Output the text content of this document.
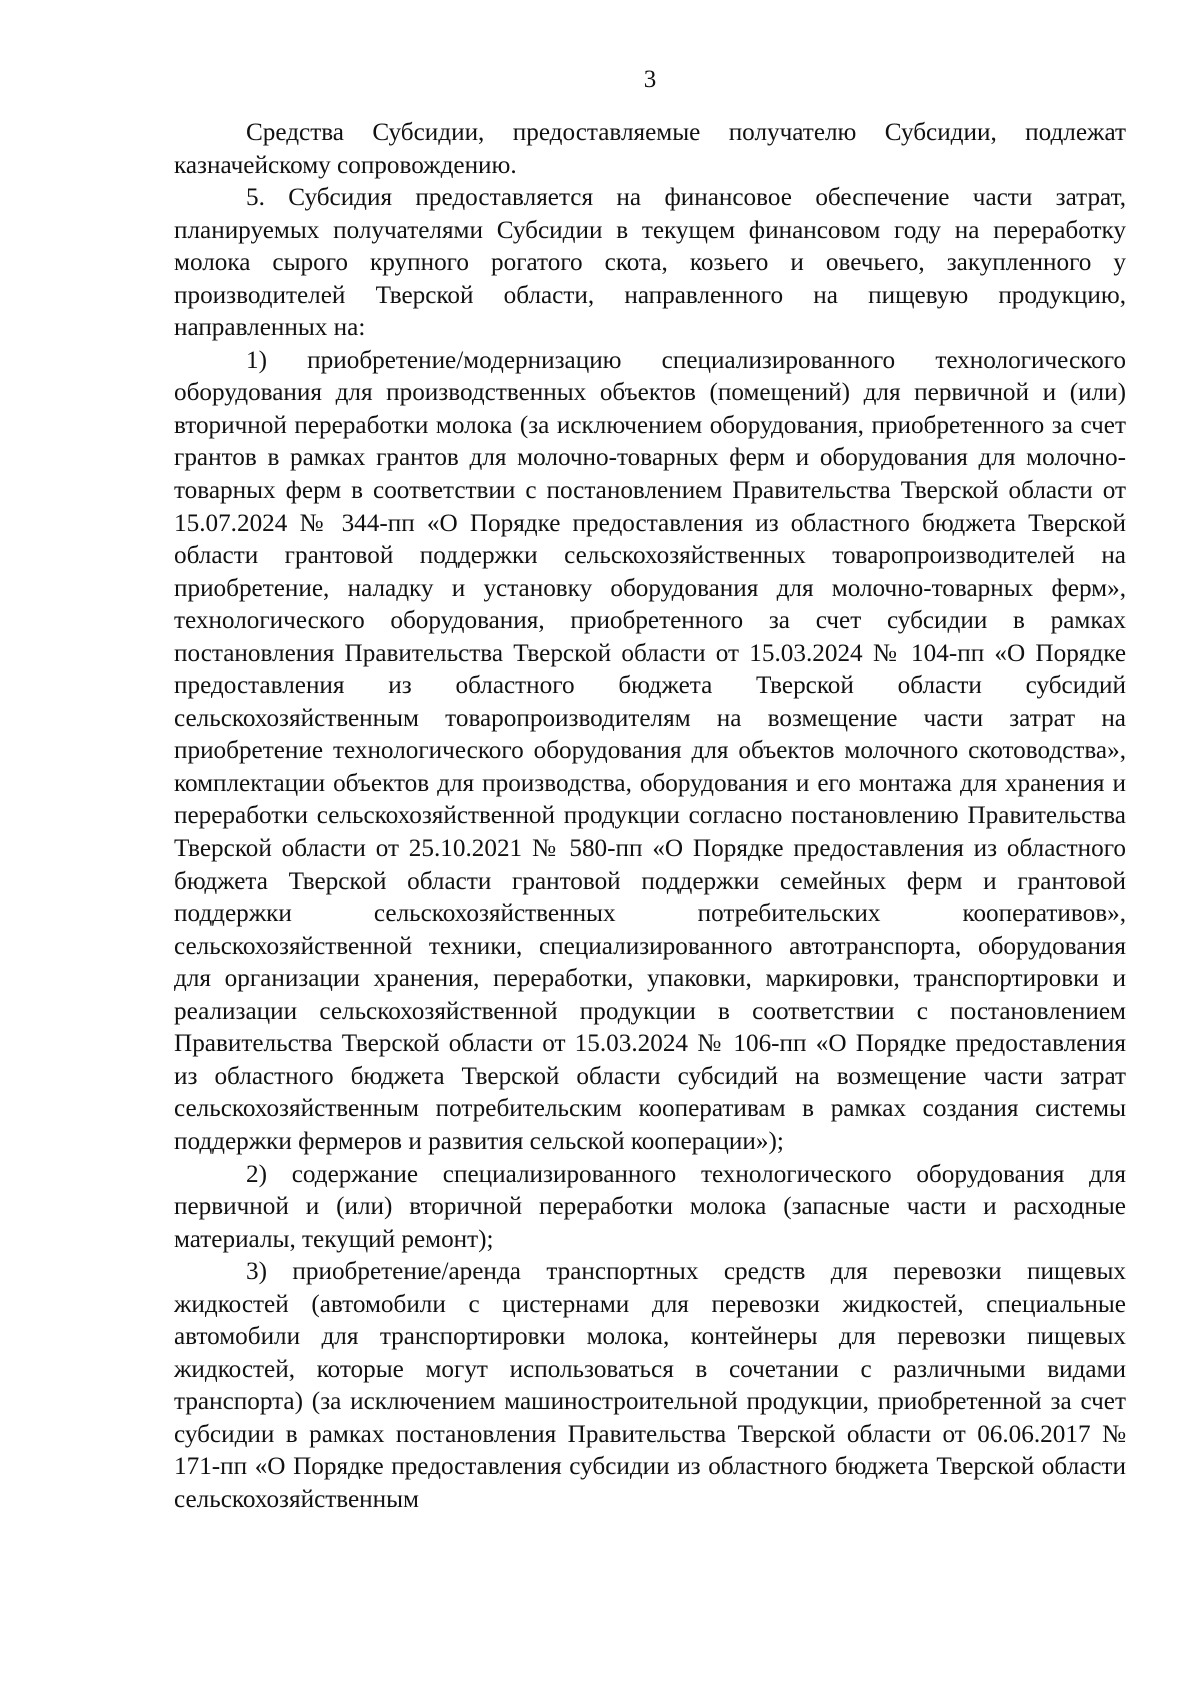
3

Средства Субсидии, предоставляемые получателю Субсидии, подлежат казначейскому сопровождению.

5. Субсидия предоставляется на финансовое обеспечение части затрат, планируемых получателями Субсидии в текущем финансовом году на переработку молока сырого крупного рогатого скота, козьего и овечьего, закупленного у производителей Тверской области, направленного на пищевую продукцию, направленных на:

1) приобретение/модернизацию специализированного технологического оборудования для производственных объектов (помещений) для первичной и (или) вторичной переработки молока (за исключением оборудования, приобретенного за счет грантов в рамках грантов для молочно-товарных ферм и оборудования для молочно-товарных ферм в соответствии с постановлением Правительства Тверской области от 15.07.2024 № 344-пп «О Порядке предоставления из областного бюджета Тверской области грантовой поддержки сельскохозяйственных товаропроизводителей на приобретение, наладку и установку оборудования для молочно-товарных ферм», технологического оборудования, приобретенного за счет субсидии в рамках постановления Правительства Тверской области от 15.03.2024 № 104-пп «О Порядке предоставления из областного бюджета Тверской области субсидий сельскохозяйственным товаропроизводителям на возмещение части затрат на приобретение технологического оборудования для объектов молочного скотоводства», комплектации объектов для производства, оборудования и его монтажа для хранения и переработки сельскохозяйственной продукции согласно постановлению Правительства Тверской области от 25.10.2021 № 580-пп «О Порядке предоставления из областного бюджета Тверской области грантовой поддержки семейных ферм и грантовой поддержки сельскохозяйственных потребительских кооперативов», сельскохозяйственной техники, специализированного автотранспорта, оборудования для организации хранения, переработки, упаковки, маркировки, транспортировки и реализации сельскохозяйственной продукции в соответствии с постановлением Правительства Тверской области от 15.03.2024 № 106-пп «О Порядке предоставления из областного бюджета Тверской области субсидий на возмещение части затрат сельскохозяйственным потребительским кооперативам в рамках создания системы поддержки фермеров и развития сельской кооперации»);

2) содержание специализированного технологического оборудования для первичной и (или) вторичной переработки молока (запасные части и расходные материалы, текущий ремонт);

3) приобретение/аренда транспортных средств для перевозки пищевых жидкостей (автомобили с цистернами для перевозки жидкостей, специальные автомобили для транспортировки молока, контейнеры для перевозки пищевых жидкостей, которые могут использоваться в сочетании с различными видами транспорта) (за исключением машиностроительной продукции, приобретенной за счет субсидии в рамках постановления Правительства Тверской области от 06.06.2017 № 171-пп «О Порядке предоставления субсидии из областного бюджета Тверской области сельскохозяйственным
